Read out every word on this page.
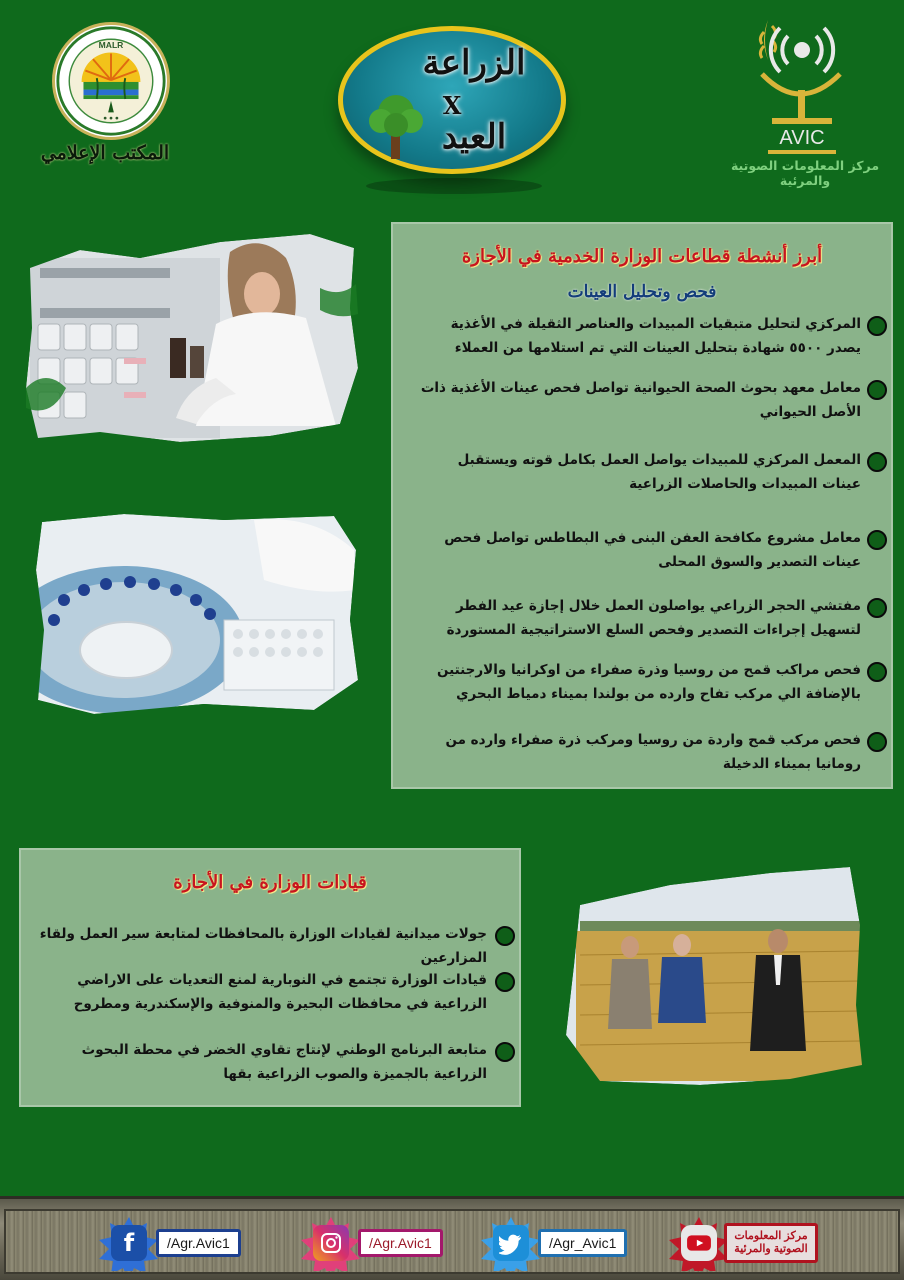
MALR
● ● ●
المكتب الإعلامي
الزراعة
X
العيد	AVIC
مركز المعلومات الصوتية والمرئية
أبرز أنشطة قطاعات الوزارة الخدمية في الأجازة
فحص وتحليل العينات
المركزي لتحليل متبقيات المبيدات والعناصر الثقيلة في الأغذية يصدر ٥٥٠٠ شهادة بتحليل العينات التي تم استلامها من العملاء
معامل معهد بحوث الصحة الحيوانية تواصل فحص عينات الأغذية ذات الأصل الحيواني
المعمل المركزي للمبيدات يواصل العمل بكامل قوته ويستقبل عينات المبيدات والحاصلات الزراعية
معامل مشروع مكافحة العفن البنى في البطاطس تواصل فحص عينات التصدير والسوق المحلى
مفتشي الحجر الزراعي يواصلون العمل خلال إجازة عيد الفطر لتسهيل إجراءات التصدير وفحص السلع الاستراتيجية المستوردة
فحص مراكب قمح من روسيا وذرة صفراء من اوكرانيا والارجنتين بالإضافة الي مركب تفاح وارده من بولندا بميناء دمياط البحري
فحص مركب قمح واردة من روسيا ومركب ذرة صفراء وارده من رومانيا بميناء الدخيلة
قيادات الوزارة في الأجازة
جولات ميدانية لقيادات الوزارة بالمحافظات لمتابعة سير العمل ولقاء المزارعين
قيادات الوزارة تجتمع في النوبارية لمنع التعديات على الاراضي الزراعية في محافظات البحيرة والمنوفية والإسكندرية ومطروح
متابعة البرنامج الوطني لإنتاج تقاوي الخضر في محطة البحوث الزراعية بالجميزة والصوب الزراعية بقها
f	/Agr.Avic1	/Agr.Avic1	/Agr_Avic1	مركز المعلومات الصوتية والمرئية
